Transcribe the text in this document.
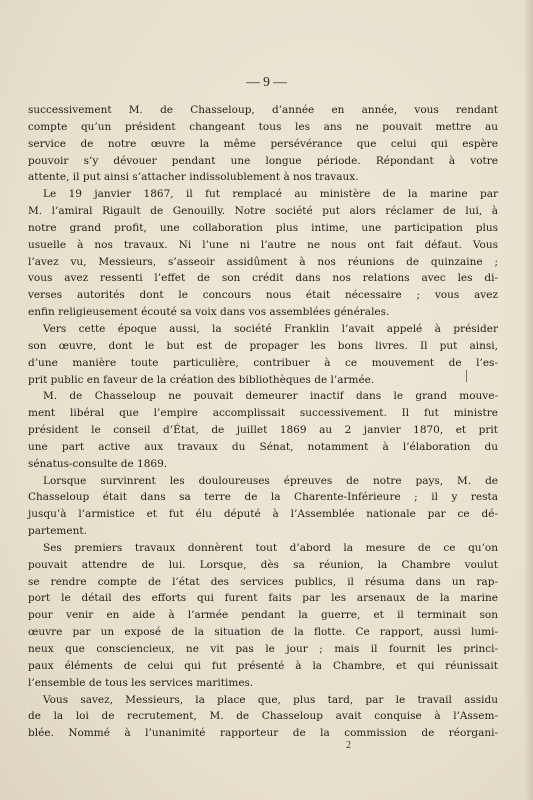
— 9 —
successivement M. de Chasseloup, d’année en année, vous rendant
compte qu’un président changeant tous les ans ne pouvait mettre au
service de notre œuvre la même persévérance que celui qui espère
pouvoir s’y dévouer pendant une longue période. Répondant à votre
attente, il put ainsi s’attacher indissolublement à nos travaux.
Le 19 janvier 1867, il fut remplacé au ministère de la marine par
M. l’amiral Rigault de Genouilly. Notre société put alors réclamer de lui, à
notre grand profit, une collaboration plus intime, une participation plus
usuelle à nos travaux. Ni l’une ni l’autre ne nous ont fait défaut. Vous
l’avez vu, Messieurs, s’asseoir assidûment à nos réunions de quinzaine ;
vous avez ressenti l’effet de son crédit dans nos relations avec les di-
verses autorités dont le concours nous était nécessaire ; vous avez
enfin religieusement écouté sa voix dans vos assemblées générales.
Vers cette époque aussi, la société Franklin l’avait appelé à présider
son œuvre, dont le but est de propager les bons livres. Il put ainsi,
d’une manière toute particulière, contribuer à ce mouvement de l’es-
prit public en faveur de la création des bibliothèques de l’armée.
M. de Chasseloup ne pouvait demeurer inactif dans le grand mouve-
ment libéral que l’empire accomplissait successivement. Il fut ministre
président le conseil d’État, de juillet 1869 au 2 janvier 1870, et prit
une part active aux travaux du Sénat, notamment à l’élaboration du
sénatus-consulte de 1869.
Lorsque survinrent les douloureuses épreuves de notre pays, M. de
Chasseloup était dans sa terre de la Charente-Inférieure ; il y resta
jusqu’à l’armistice et fut élu député à l’Assemblée nationale par ce dé-
partement.
Ses premiers travaux donnèrent tout d’abord la mesure de ce qu’on
pouvait attendre de lui. Lorsque, dès sa réunion, la Chambre voulut
se rendre compte de l’état des services publics, il résuma dans un rap-
port le détail des efforts qui furent faits par les arsenaux de la marine
pour venir en aide à l’armée pendant la guerre, et il terminait son
œuvre par un exposé de la situation de la flotte. Ce rapport, aussi lumi-
neux que consciencieux, ne vit pas le jour ; mais il fournit les princi-
paux éléments de celui qui fut présenté à la Chambre, et qui réunissait
l’ensemble de tous les services maritimes.
Vous savez, Messieurs, la place que, plus tard, par le travail assidu
de la loi de recrutement, M. de Chasseloup avait conquise à l’Assem-
blée. Nommé à l’unanimité rapporteur de la commission de réorgani-
2
